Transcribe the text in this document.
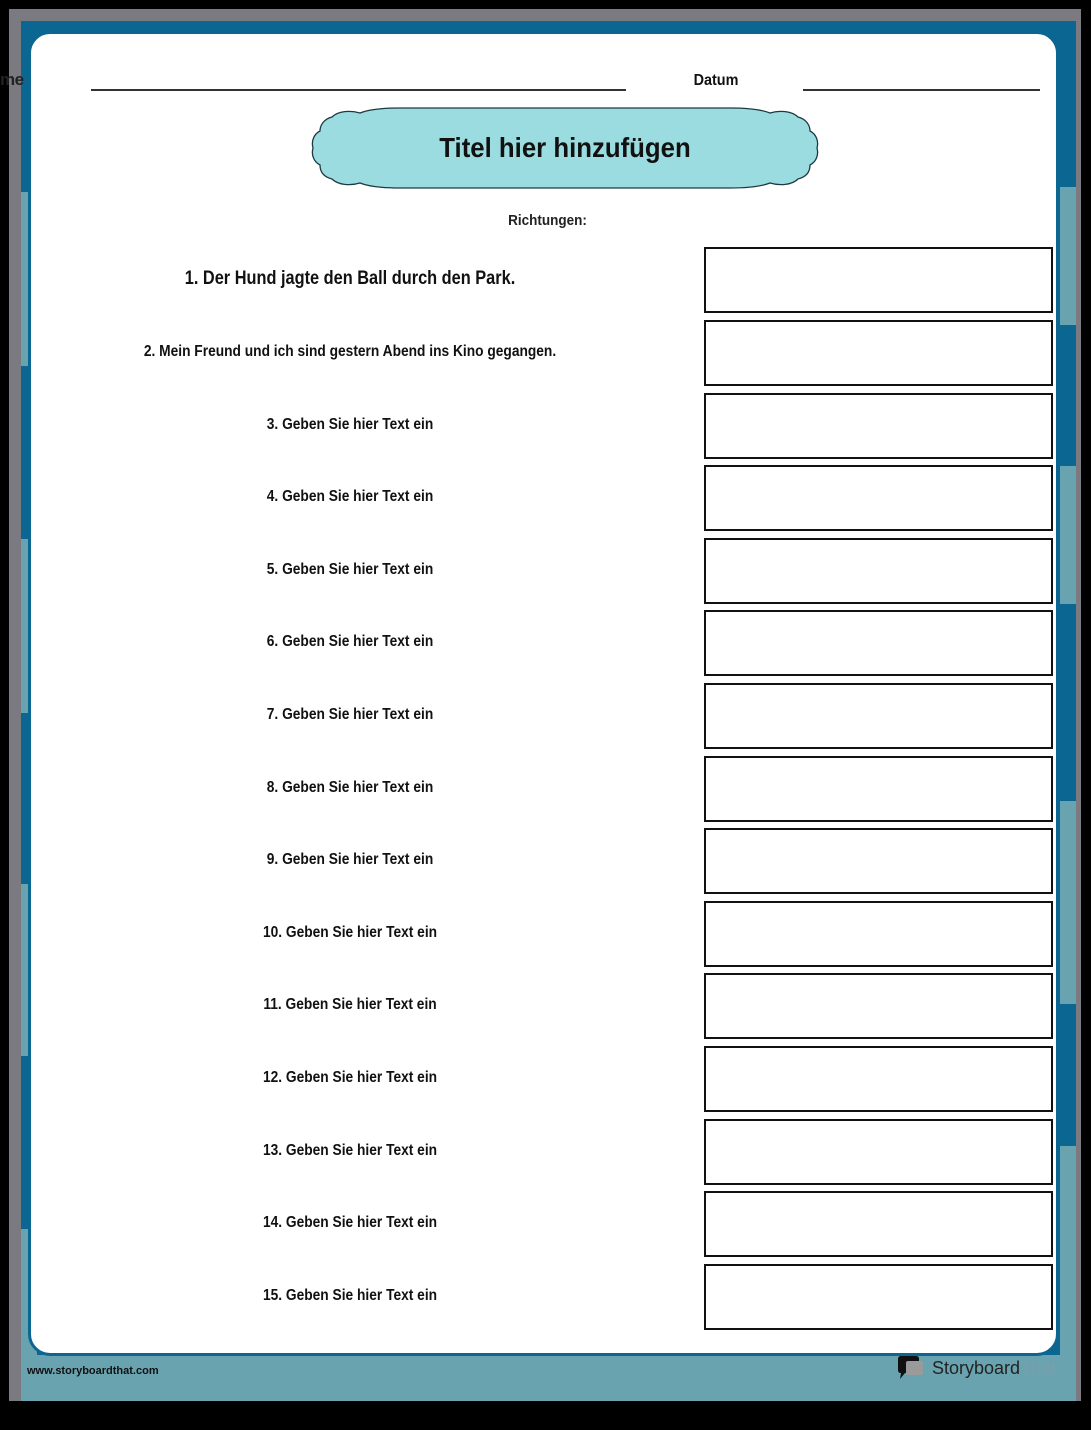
me	Datum
Titel hier hinzufügen
Richtungen:
1. Der Hund jagte den Ball durch den Park.
2. Mein Freund und ich sind gestern Abend ins Kino gegangen.
3. Geben Sie hier Text ein
4. Geben Sie hier Text ein
5. Geben Sie hier Text ein
6. Geben Sie hier Text ein
7. Geben Sie hier Text ein
8. Geben Sie hier Text ein
9. Geben Sie hier Text ein
10. Geben Sie hier Text ein
11. Geben Sie hier Text ein
12. Geben Sie hier Text ein
13. Geben Sie hier Text ein
14. Geben Sie hier Text ein
15. Geben Sie hier Text ein
www.storyboardthat.com	Storyboard That
